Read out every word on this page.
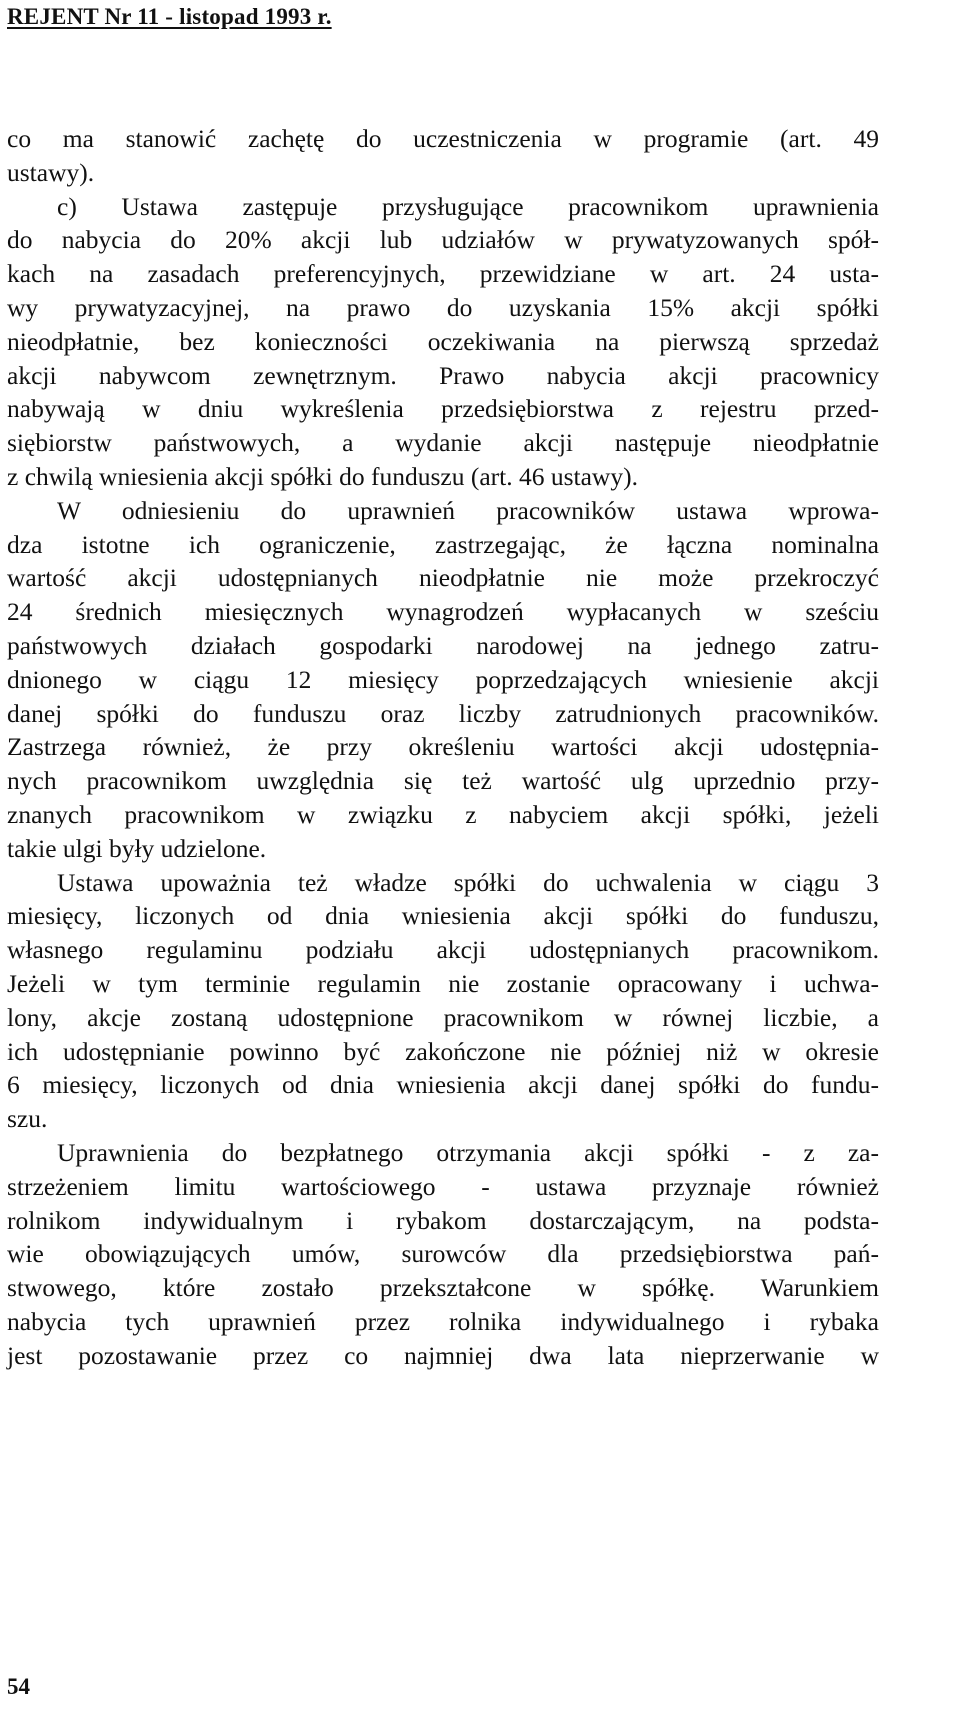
REJENT Nr 11 - listopad 1993 r.
co ma stanowić zachętę do uczestniczenia w programie (art. 49
ustawy).
c) Ustawa zastępuje przysługujące pracownikom uprawnienia
do nabycia do 20% akcji lub udziałów w prywatyzowanych spół-
kach na zasadach preferencyjnych, przewidziane w art. 24 usta-
wy prywatyzacyjnej, na prawo do uzyskania 15% akcji spółki
nieodpłatnie, bez konieczności oczekiwania na pierwszą sprzedaż
akcji nabywcom zewnętrznym. Prawo nabycia akcji pracownicy
nabywają w dniu wykreślenia przedsiębiorstwa z rejestru przed-
siębiorstw państwowych, a wydanie akcji następuje nieodpłatnie
z chwilą wniesienia akcji spółki do funduszu (art. 46 ustawy).
W odniesieniu do uprawnień pracowników ustawa wprowa-
dza istotne ich ograniczenie, zastrzegając, że łączna nominalna
wartość akcji udostępnianych nieodpłatnie nie może przekroczyć
24 średnich miesięcznych wynagrodzeń wypłacanych w sześciu
państwowych działach gospodarki narodowej na jednego zatru-
dnionego w ciągu 12 miesięcy poprzedzających wniesienie akcji
danej spółki do funduszu oraz liczby zatrudnionych pracowników.
Zastrzega również, że przy określeniu wartości akcji udostępnia-
nych pracownikom uwzględnia się też wartość ulg uprzednio przy-
znanych pracownikom w związku z nabyciem akcji spółki, jeżeli
takie ulgi były udzielone.
Ustawa upoważnia też władze spółki do uchwalenia w ciągu 3
miesięcy, liczonych od dnia wniesienia akcji spółki do funduszu,
własnego regulaminu podziału akcji udostępnianych pracownikom.
Jeżeli w tym terminie regulamin nie zostanie opracowany i uchwa-
lony, akcje zostaną udostępnione pracownikom w równej liczbie, a
ich udostępnianie powinno być zakończone nie później niż w okresie
6 miesięcy, liczonych od dnia wniesienia akcji danej spółki do fundu-
szu.
Uprawnienia do bezpłatnego otrzymania akcji spółki - z za-
strzeżeniem limitu wartościowego - ustawa przyznaje również
rolnikom indywidualnym i rybakom dostarczającym, na podsta-
wie obowiązujących umów, surowców dla przedsiębiorstwa pań-
stwowego, które zostało przekształcone w spółkę. Warunkiem
nabycia tych uprawnień przez rolnika indywidualnego i rybaka
jest pozostawanie przez co najmniej dwa lata nieprzerwanie w
54
